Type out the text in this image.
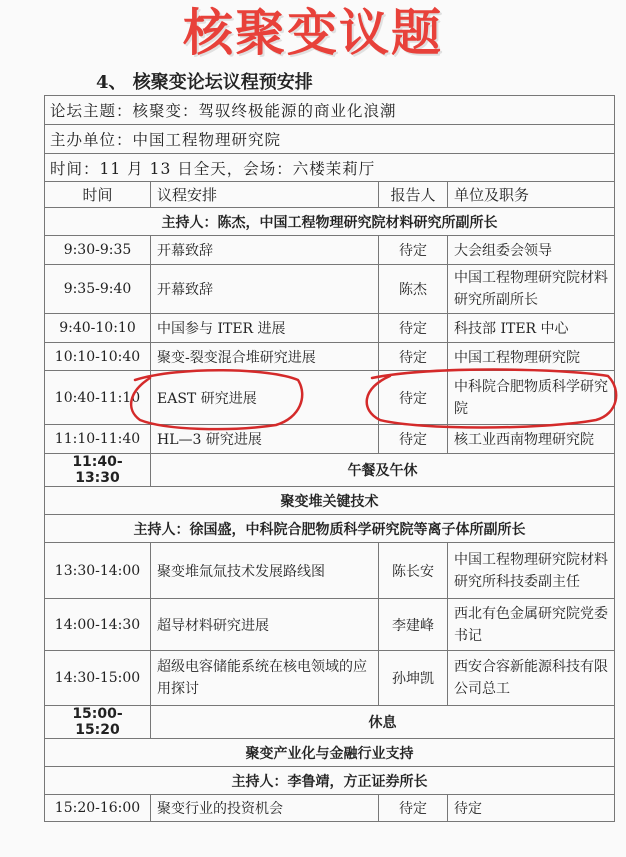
核聚变议题
4、 核聚变论坛议程预安排
论坛主题：核聚变：驾驭终极能源的商业化浪潮			
主办单位：中国工程物理研究院			
时间：11 月 13 日全天，会场：六楼茉莉厅			
时间	议程安排	报告人	单位及职务
主持人：陈杰，中国工程物理研究院材料研究所副所长			
9:30-9:35	开幕致辞	待定	大会组委会领导
9:35-9:40	开幕致辞	陈杰	中国工程物理研究院材料研究所副所长
9:40-10:10	中国参与 ITER 进展	待定	科技部 ITER 中心
10:10-10:40	聚变-裂变混合堆研究进展	待定	中国工程物理研究院
10:40-11:10	EAST 研究进展	待定	中科院合肥物质科学研究院
11:10-11:40	HL—3 研究进展	待定	核工业西南物理研究院
11:40-13:30	午餐及午休		
聚变堆关键技术			
主持人：徐国盛，中科院合肥物质科学研究院等离子体所副所长			
13:30-14:00	聚变堆氚氚技术发展路线图	陈长安	中国工程物理研究院材料研究所科技委副主任
14:00-14:30	超导材料研究进展	李建峰	西北有色金属研究院党委书记
14:30-15:00	超级电容储能系统在核电领域的应用探讨	孙坤凯	西安合容新能源科技有限公司总工
15:00-15:20	休息		
聚变产业化与金融行业支持			
主持人：李鲁靖，方正证券所长			
15:20-16:00	聚变行业的投资机会	待定	待定
